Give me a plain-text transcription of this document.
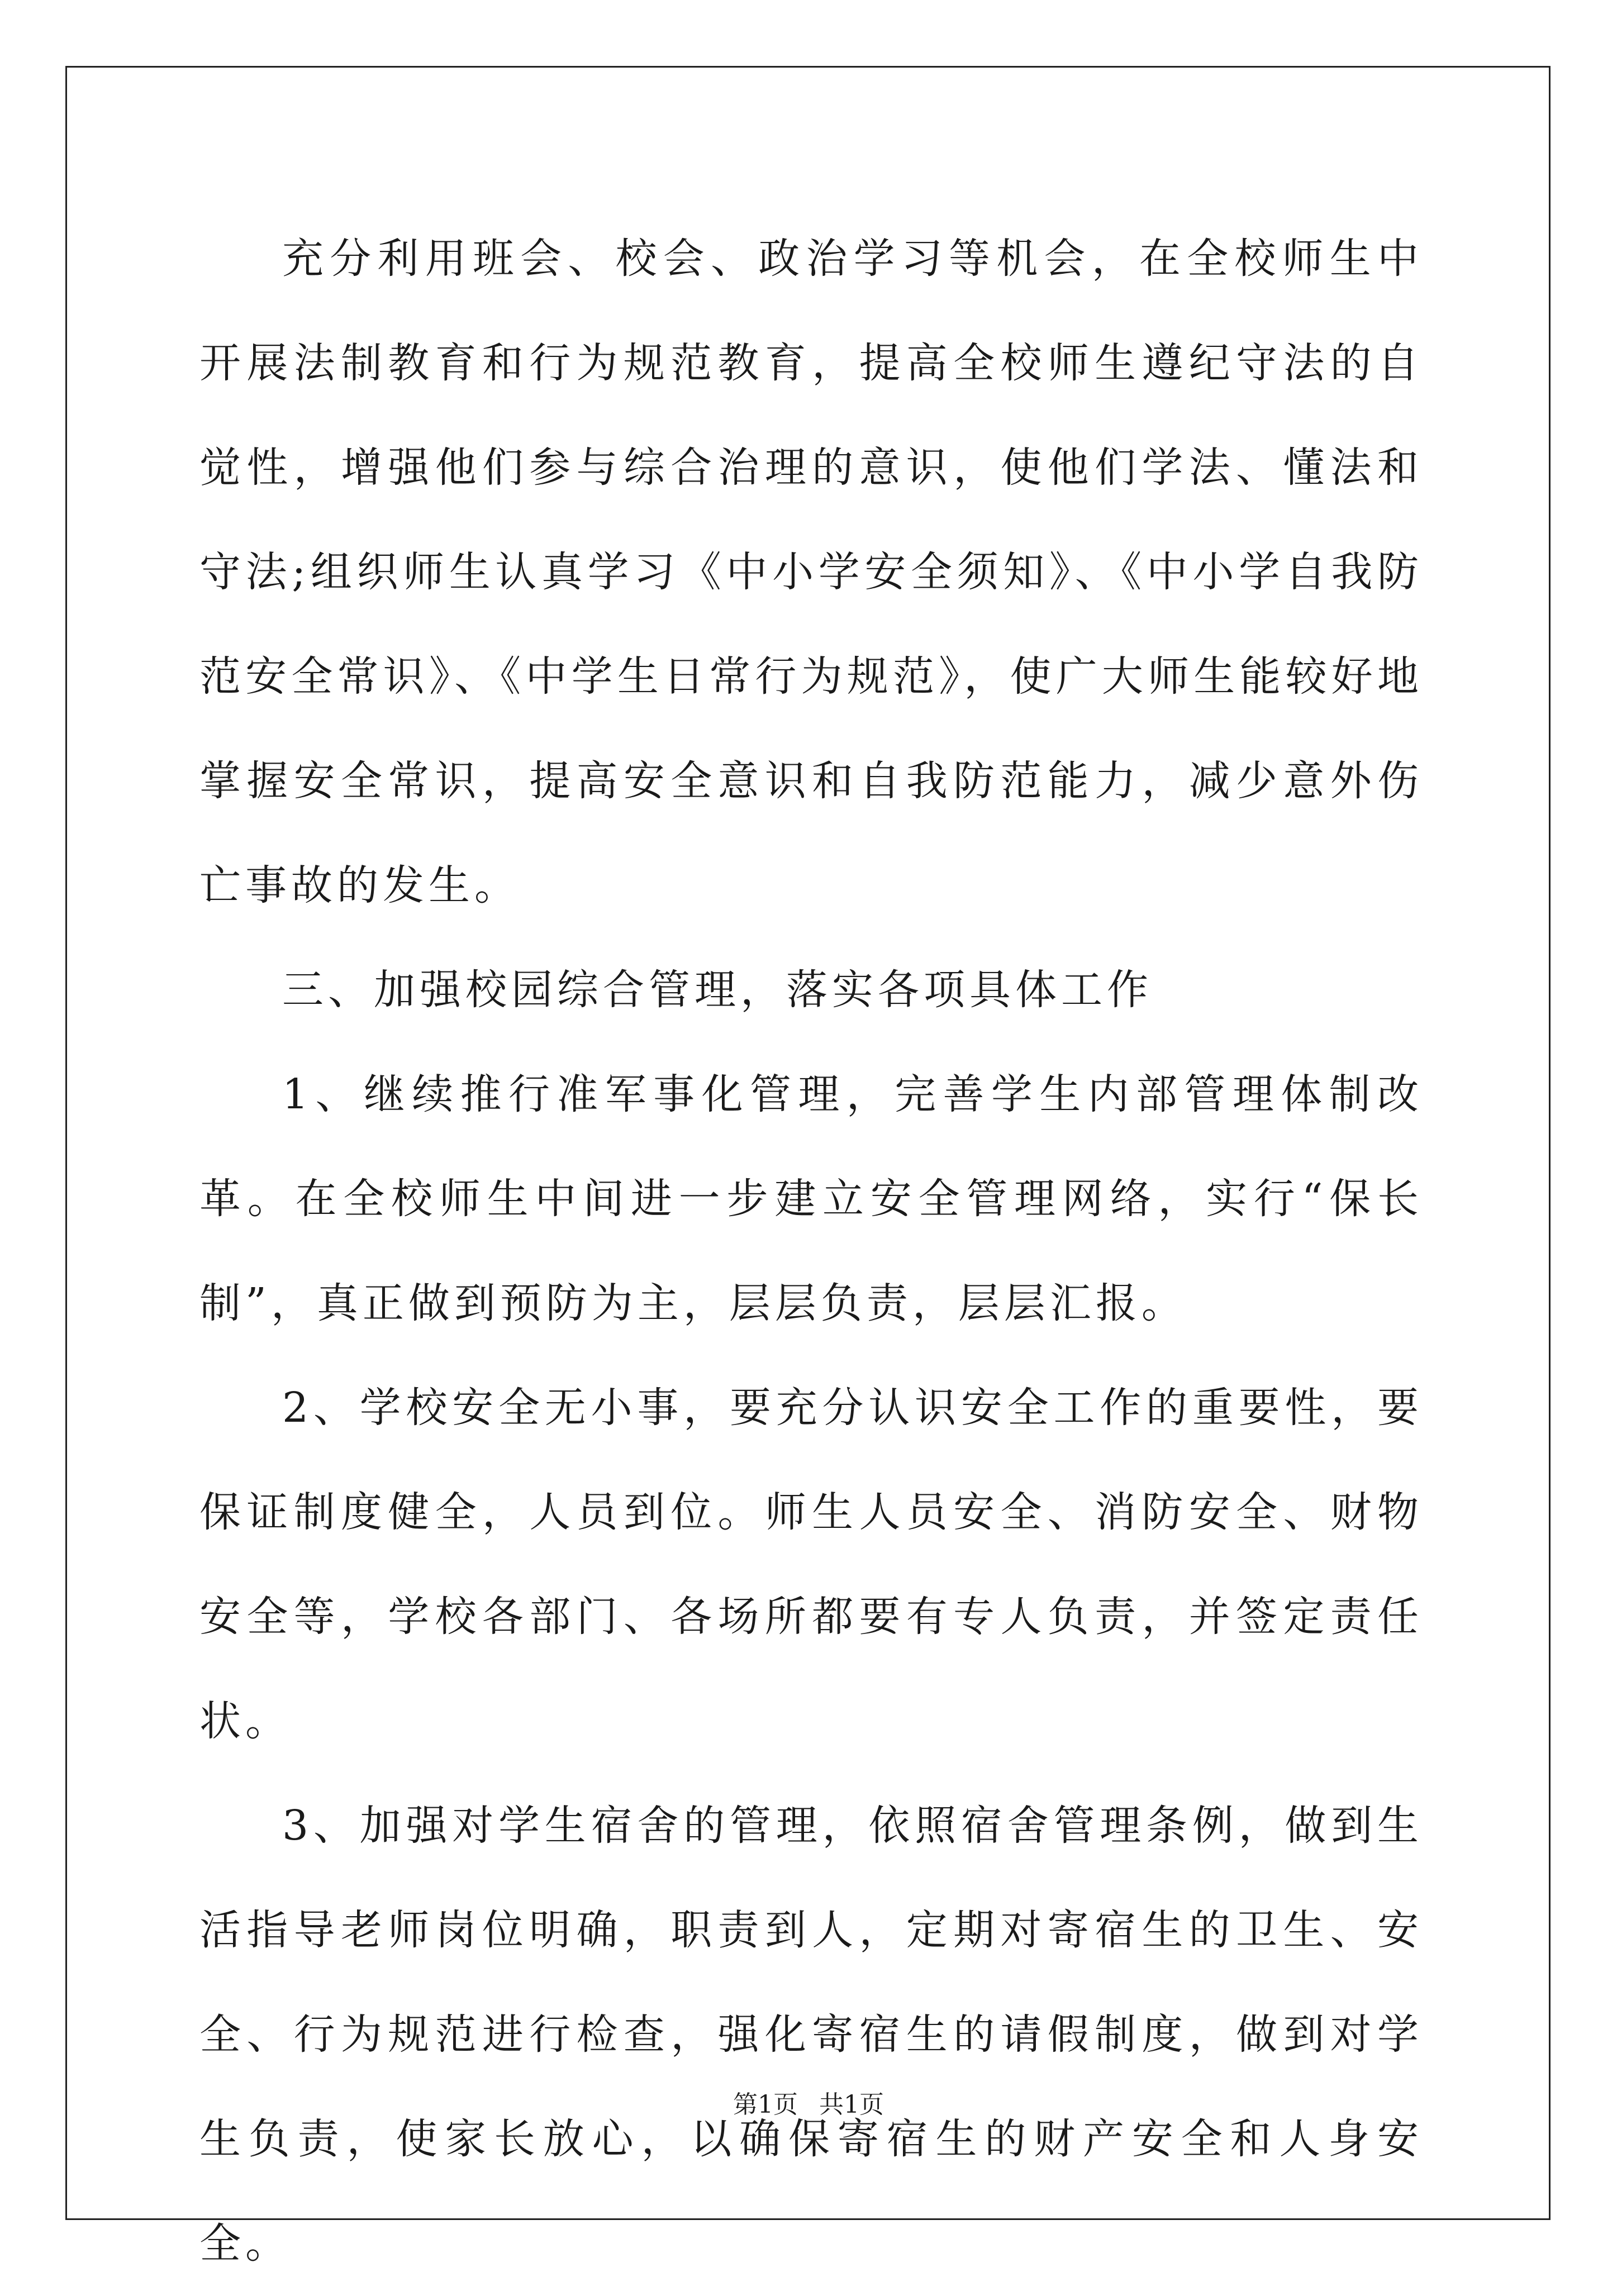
充分利用班会、校会、政治学习等机会，在全校师生中开展法制教育和行为规范教育，提高全校师生遵纪守法的自觉性，增强他们参与综合治理的意识，使他们学法、懂法和守法;组织师生认真学习《中小学安全须知》、《中小学自我防范安全常识》、《中学生日常行为规范》，使广大师生能较好地掌握安全常识，提高安全意识和自我防范能力，减少意外伤亡事故的发生。

三、加强校园综合管理，落实各项具体工作

1、继续推行准军事化管理，完善学生内部管理体制改革。在全校师生中间进一步建立安全管理网络，实行“保长制”，真正做到预防为主，层层负责，层层汇报。

2、学校安全无小事，要充分认识安全工作的重要性，要保证制度健全，人员到位。师生人员安全、消防安全、财物安全等，学校各部门、各场所都要有专人负责，并签定责任状。

3、加强对学生宿舍的管理，依照宿舍管理条例，做到生活指导老师岗位明确，职责到人，定期对寄宿生的卫生、安全、行为规范进行检查，强化寄宿生的请假制度，做到对学生负责，使家长放心，以确保寄宿生的财产安全和人身安全。

第1页 共1页
